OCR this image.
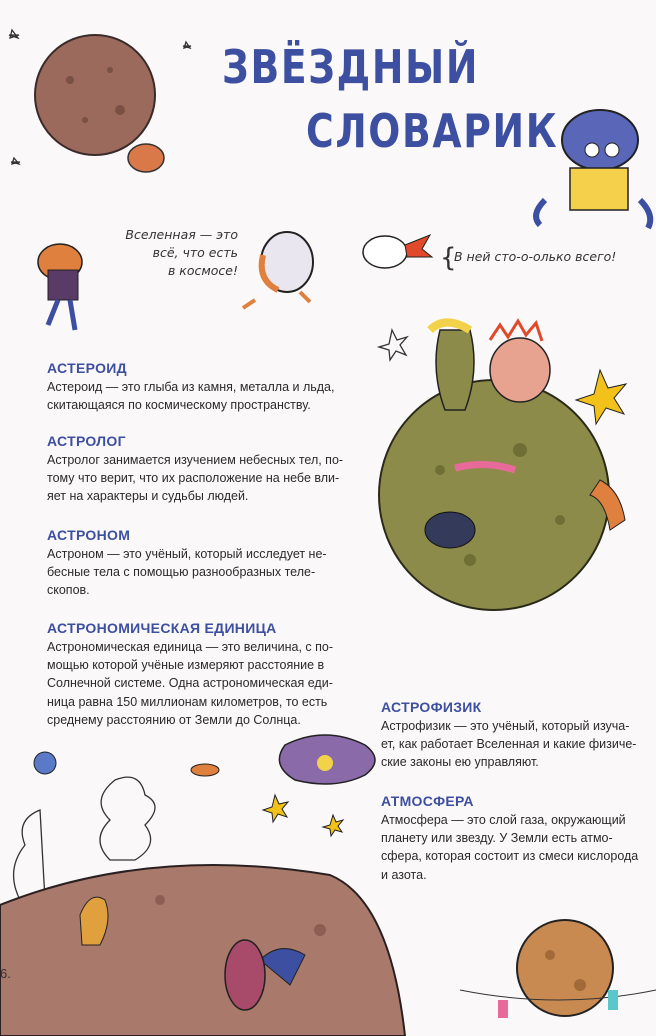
ЗВЁЗДНЫЙ
СЛОВАРИК
Вселенная — это
всё, что есть
в космосе!	{
В ней сто-о-олько всего!
АСТЕРОИД
Астероид — это глыба из камня, металла и льда,
скитающаяся по космическому пространству.
АСТРОЛОГ
Астролог занимается изучением небесных тел, по-
тому что верит, что их расположение на небе вли-
яет на характеры и судьбы людей.
АСТРОНОМ
Астроном — это учёный, который исследует не-
бесные тела с помощью разнообразных теле-
скопов.
АСТРОНОМИЧЕСКАЯ ЕДИНИЦА
Астрономическая единица — это величина, с по-
мощью которой учёные измеряют расстояние в
Солнечной системе. Одна астрономическая еди-
ница равна 150 миллионам километров, то есть
среднему расстоянию от Земли до Солнца.
АСТРОФИЗИК
Астрофизик — это учёный, который изуча-
ет, как работает Вселенная и какие физиче-
ские законы ею управляют.
АТМОСФЕРА
Атмосфера — это слой газа, окружающий
планету или звезду. У Земли есть атмо-
сфера, которая состоит из смеси кислорода
и азота.
6.
